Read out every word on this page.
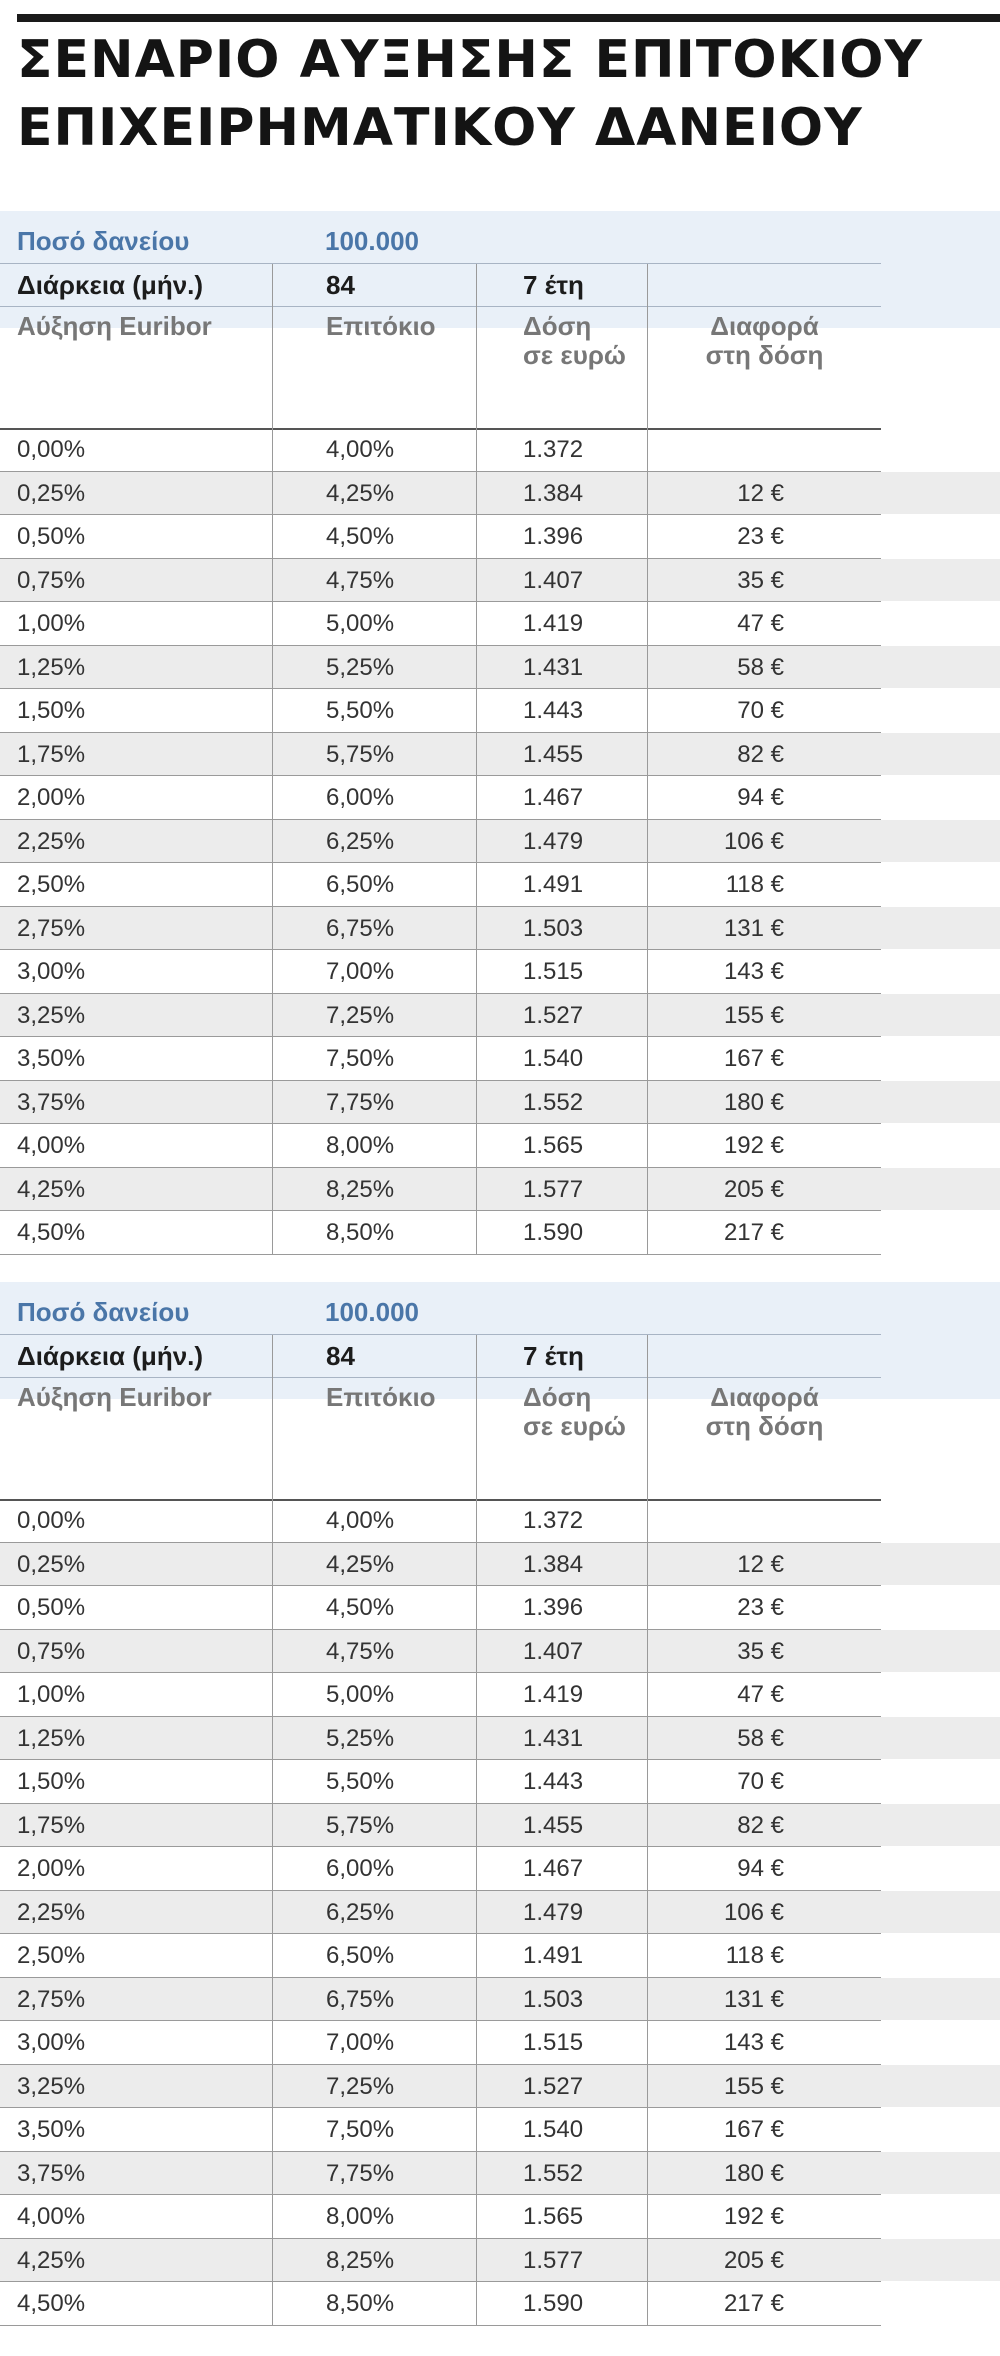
ΣΕΝΑΡΙΟ ΑΥΞΗΣΗΣ ΕΠΙΤΟΚΙΟΥ
ΕΠΙΧΕΙΡΗΜΑΤΙΚΟΥ ΔΑΝΕΙΟΥ
Ποσό δανείου	100.000
Διάρκεια (μήν.)	84	7 έτη
Αύξηση Euribor	Επιτόκιο	Δόση
σε ευρώ
Διαφορά
στη δόση
0,00%	4,00%	1.372
0,25%	4,25%	1.384	12 €
0,50%	4,50%	1.396	23 €
0,75%	4,75%	1.407	35 €
1,00%	5,00%	1.419	47 €
1,25%	5,25%	1.431	58 €
1,50%	5,50%	1.443	70 €
1,75%	5,75%	1.455	82 €
2,00%	6,00%	1.467	94 €
2,25%	6,25%	1.479	106 €
2,50%	6,50%	1.491	118 €
2,75%	6,75%	1.503	131 €
3,00%	7,00%	1.515	143 €
3,25%	7,25%	1.527	155 €
3,50%	7,50%	1.540	167 €
3,75%	7,75%	1.552	180 €
4,00%	8,00%	1.565	192 €
4,25%	8,25%	1.577	205 €
4,50%	8,50%	1.590	217 €
Ποσό δανείου	100.000
Διάρκεια (μήν.)	84	7 έτη
Αύξηση Euribor	Επιτόκιο	Δόση
σε ευρώ
Διαφορά
στη δόση
0,00%	4,00%	1.372
0,25%	4,25%	1.384	12 €
0,50%	4,50%	1.396	23 €
0,75%	4,75%	1.407	35 €
1,00%	5,00%	1.419	47 €
1,25%	5,25%	1.431	58 €
1,50%	5,50%	1.443	70 €
1,75%	5,75%	1.455	82 €
2,00%	6,00%	1.467	94 €
2,25%	6,25%	1.479	106 €
2,50%	6,50%	1.491	118 €
2,75%	6,75%	1.503	131 €
3,00%	7,00%	1.515	143 €
3,25%	7,25%	1.527	155 €
3,50%	7,50%	1.540	167 €
3,75%	7,75%	1.552	180 €
4,00%	8,00%	1.565	192 €
4,25%	8,25%	1.577	205 €
4,50%	8,50%	1.590	217 €
